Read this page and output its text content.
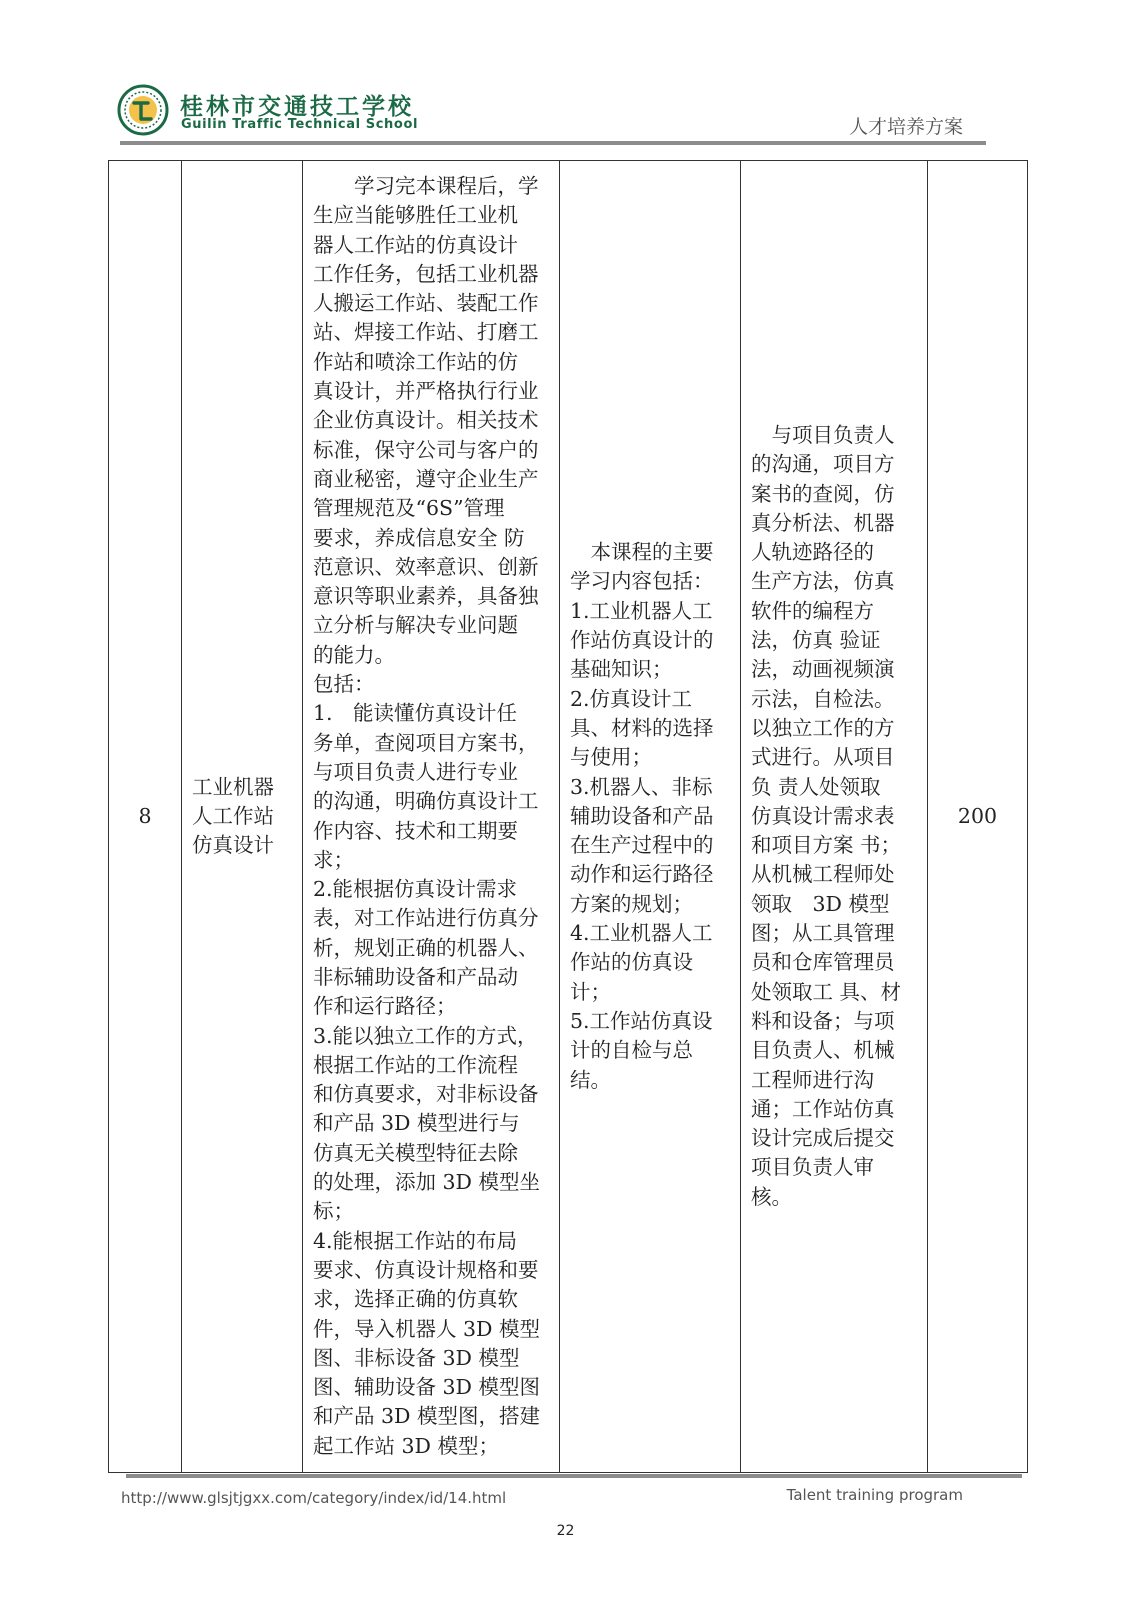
桂林市交通技工学校
Guilin Traffic Technical School	人才培养方案
8	工业机器
人工作站
仿真设计	　　学习完本课程后，学
生应当能够胜任工业机
器人工作站的仿真设计
工作任务，包括工业机器
人搬运工作站、装配工作
站、焊接工作站、打磨工
作站和喷涂工作站的仿
真设计，并严格执行行业
企业仿真设计。相关技术
标准，保守公司与客户的
商业秘密，遵守企业生产
管理规范及“6S”管理
要求，养成信息安全 防
范意识、效率意识、创新
意识等职业素养，具备独
立分析与解决专业问题
的能力。
包括：
1.　能读懂仿真设计任
务单，查阅项目方案书，
与项目负责人进行专业
的沟通，明确仿真设计工
作内容、技术和工期要
求；
2.能根据仿真设计需求
表，对工作站进行仿真分
析，规划正确的机器人、
非标辅助设备和产品动
作和运行路径；
3.能以独立工作的方式，
根据工作站的工作流程
和仿真要求，对非标设备
和产品 3D 模型进行与
仿真无关模型特征去除
的处理，添加 3D 模型坐
标；
4.能根据工作站的布局
要求、仿真设计规格和要
求，选择正确的仿真软
件，导入机器人 3D 模型
图、非标设备 3D 模型
图、辅助设备 3D 模型图
和产品 3D 模型图，搭建
起工作站 3D 模型；	　本课程的主要
学习内容包括：
1.工业机器人工
作站仿真设计的
基础知识；
2.仿真设计工
具、材料的选择
与使用；
3.机器人、非标
辅助设备和产品
在生产过程中的
动作和运行路径
方案的规划；
4.工业机器人工
作站的仿真设
计；
5.工作站仿真设
计的自检与总
结。	　与项目负责人
的沟通，项目方
案书的查阅，仿
真分析法、机器
人轨迹路径的
生产方法，仿真
软件的编程方
法，仿真 验证
法，动画视频演
示法，自检法。
以独立工作的方
式进行。从项目
负 责人处领取
仿真设计需求表
和项目方案 书；
从机械工程师处
领取　3D 模型
图；从工具管理
员和仓库管理员
处领取工 具、材
料和设备；与项
目负责人、机械
工程师进行沟
通；工作站仿真
设计完成后提交
项目负责人审
核。	200
http://www.glsjtjgxx.com/category/index/id/14.html	Talent training program
22
